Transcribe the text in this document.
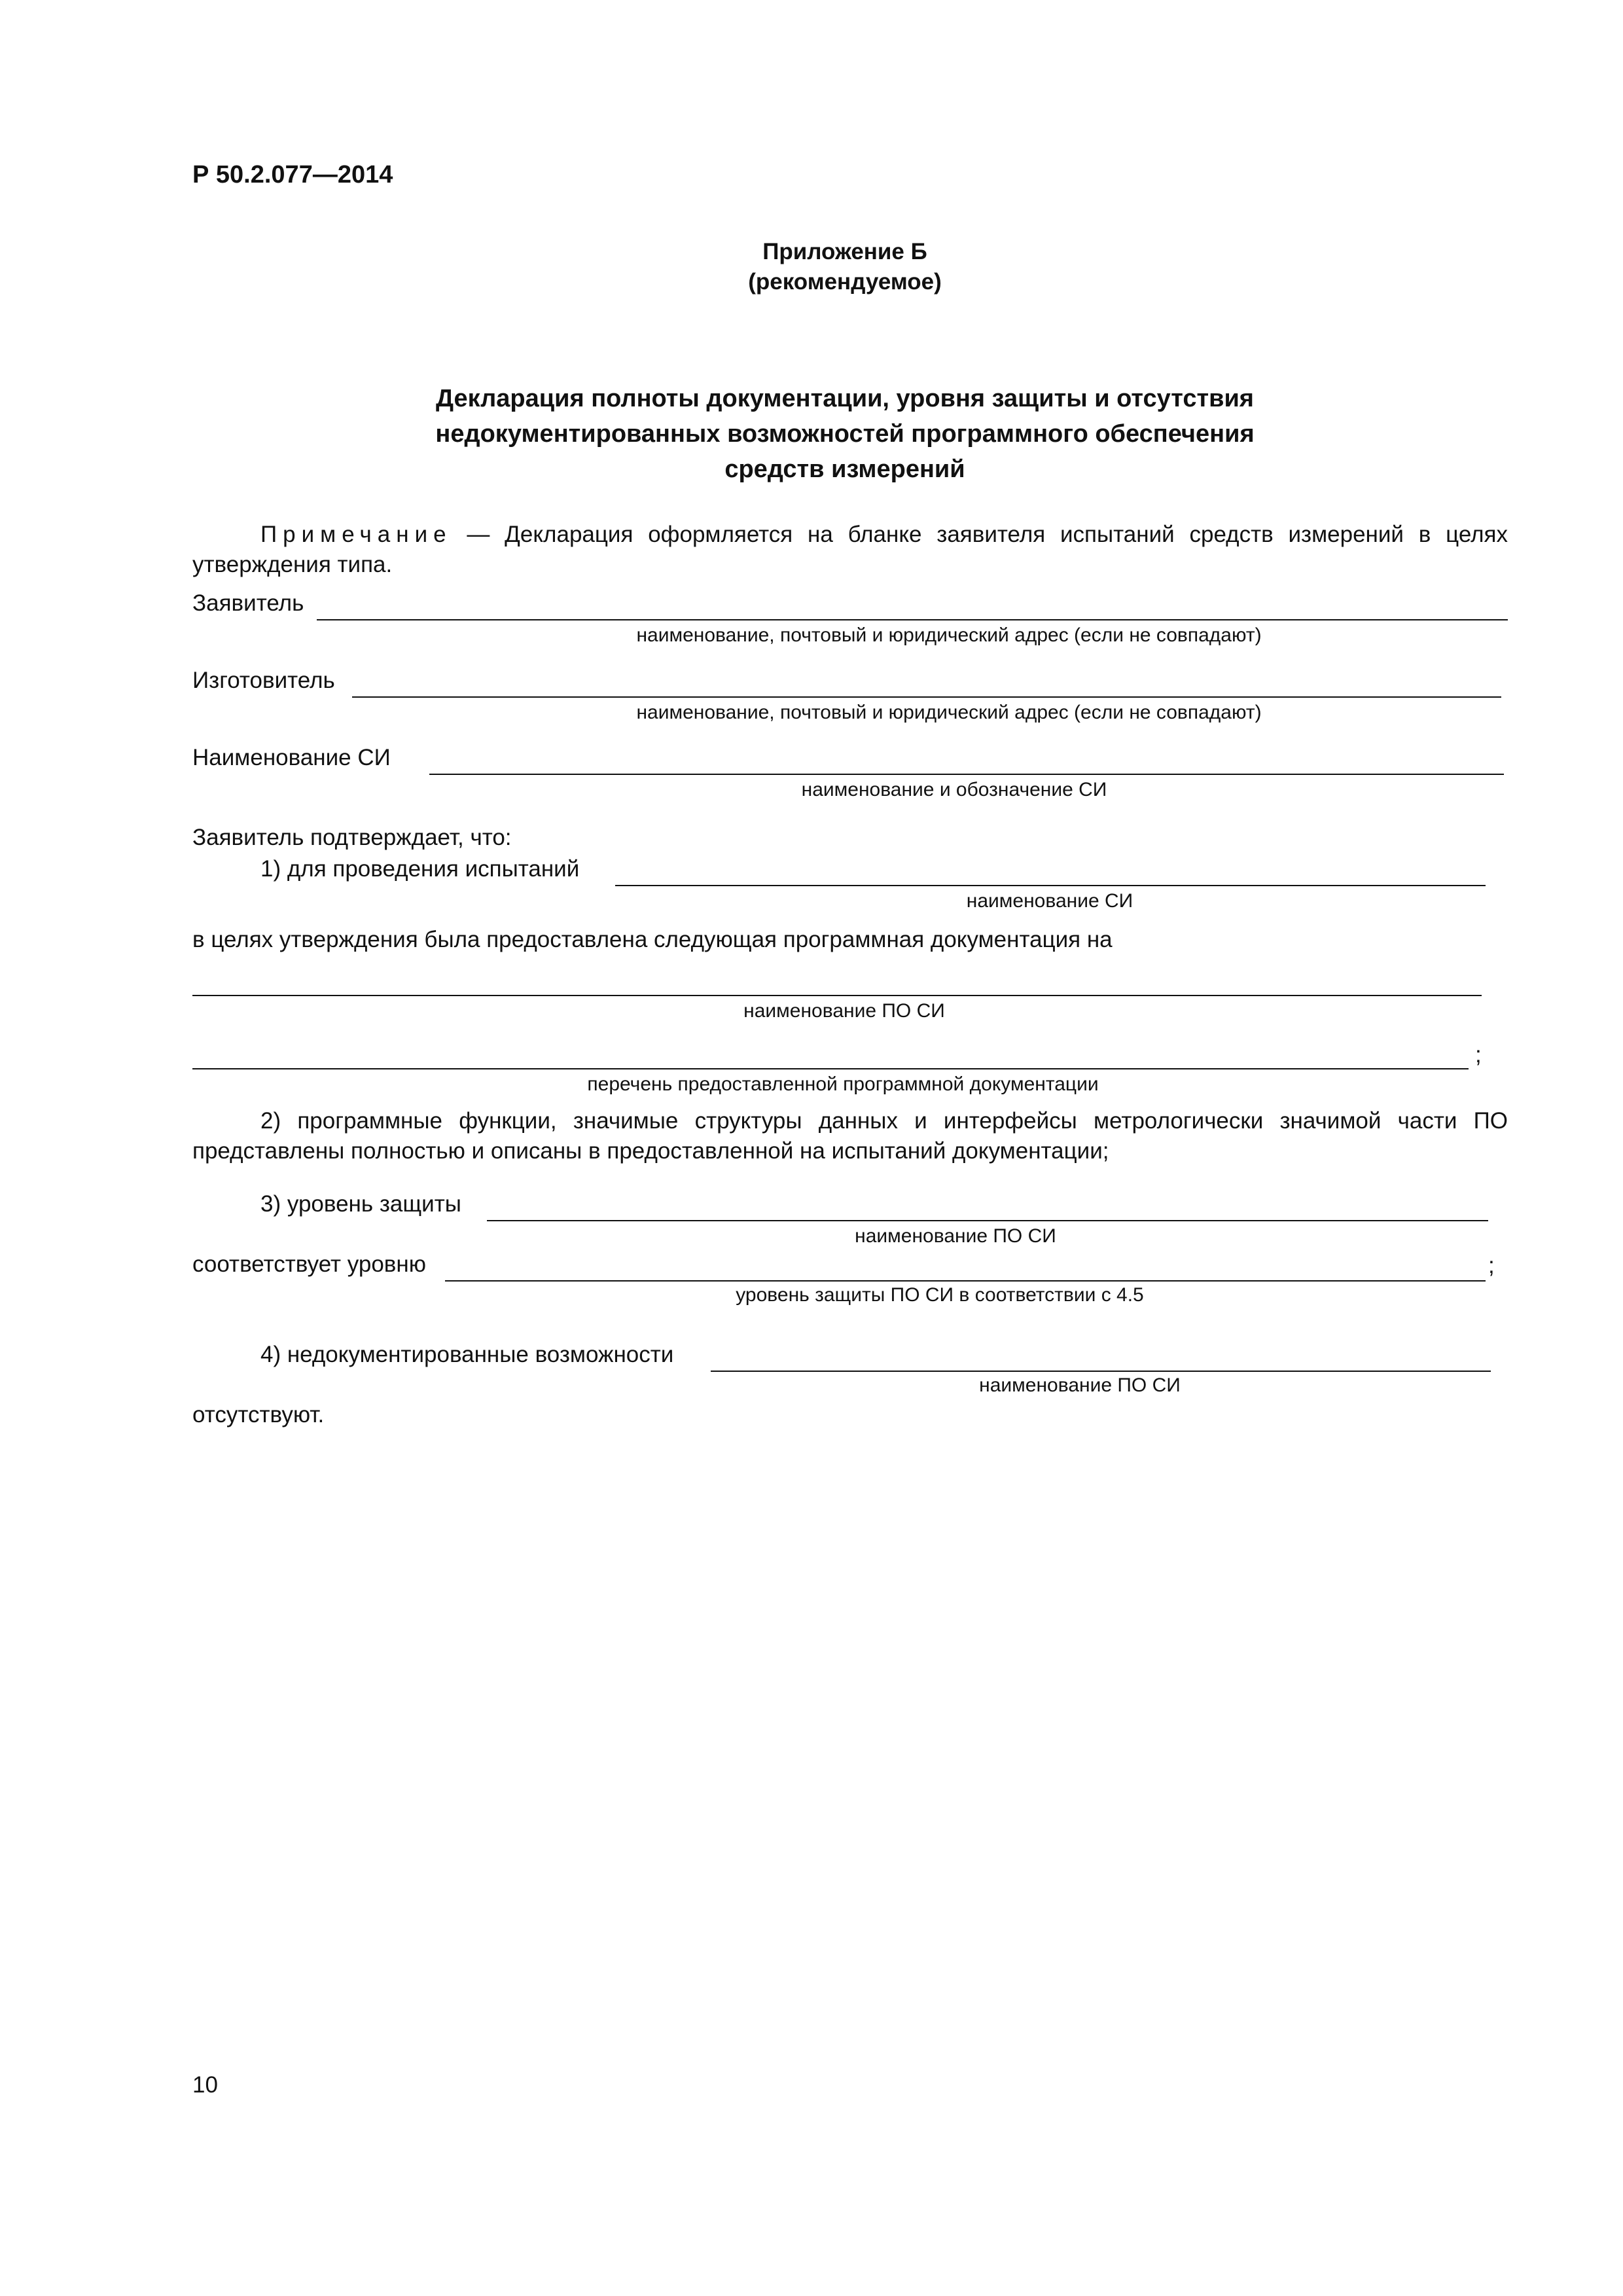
Р 50.2.077—2014
Приложение Б
(рекомендуемое)
Декларация полноты документации, уровня защиты и отсутствия
недокументированных возможностей программного обеспечения
средств измерений

Примечание — Декларация оформляется на бланке заявителя испытаний средств измерений в целях утверждения типа.

Заявитель
наименование, почтовый и юридический адрес (если не совпадают)
Изготовитель
наименование, почтовый и юридический адрес (если не совпадают)
Наименование СИ
наименование и обозначение СИ
Заявитель подтверждает, что:
1) для проведения испытаний
наименование СИ
в целях утверждения была предоставлена следующая программная документация на
наименование ПО СИ
;
перечень предоставленной программной документации

2) программные функции, значимые структуры данных и интерфейсы метрологически значимой части ПО представлены полностью и описаны в предоставленной на испытаний документации;

3) уровень защиты
наименование ПО СИ
соответствует уровню	;
уровень защиты ПО СИ в соответствии с 4.5
4) недокументированные возможности
наименование ПО СИ
отсутствуют.
10
